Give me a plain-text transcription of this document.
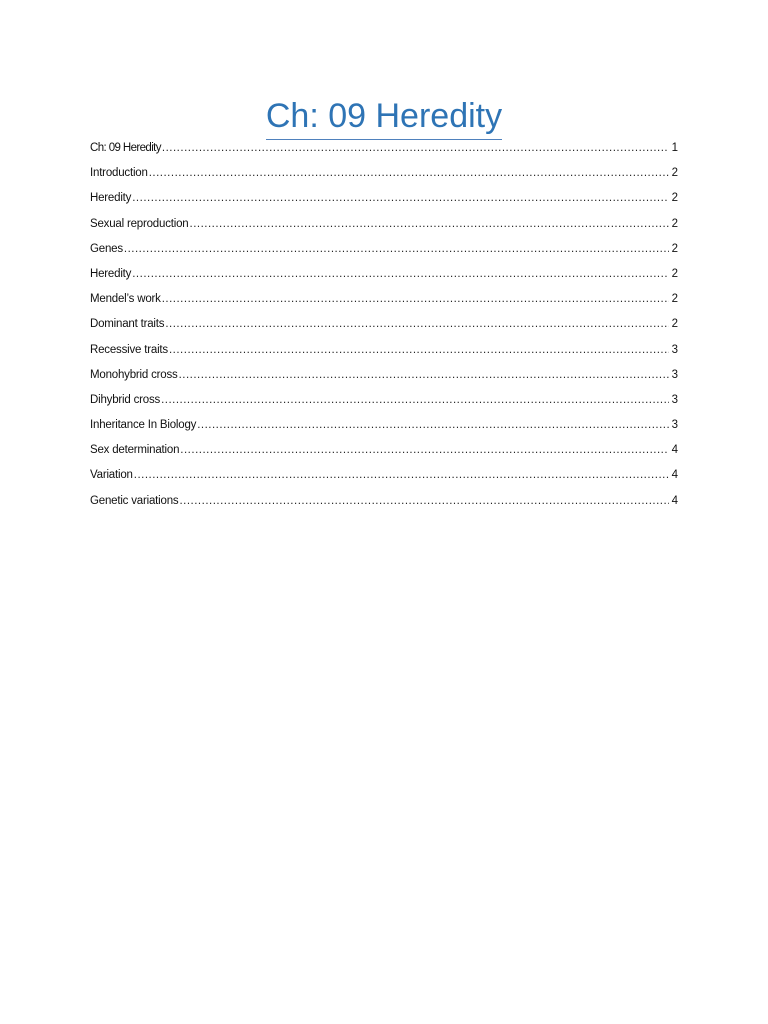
Ch: 09 Heredity
Ch: 09 Heredity .....	1
Introduction .....	2
Heredity .....	2
Sexual reproduction .....	2
Genes .....	2
Heredity .....	2
Mendel’s work .....	2
Dominant traits .....	2
Recessive traits .....	3
Monohybrid cross .....	3
Dihybrid cross .....	3
Inheritance In Biology .....	3
Sex determination .....	4
Variation .....	4
Genetic variations .....	4
